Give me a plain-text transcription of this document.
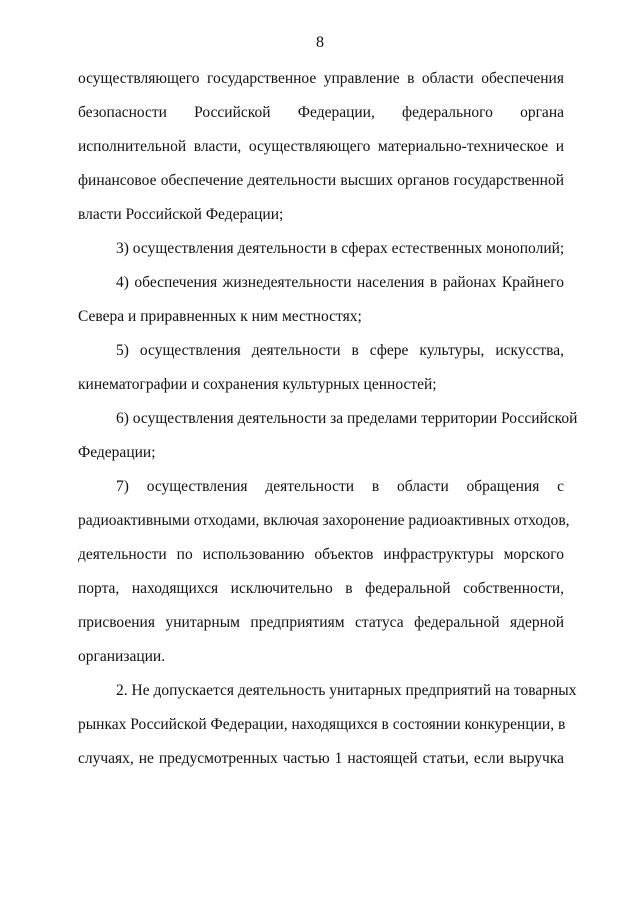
8
осуществляющего государственное управление в области обеспечения
безопасности Российской Федерации, федерального органа
исполнительной власти, осуществляющего материально-техническое и
финансовое обеспечение деятельности высших органов государственной
власти Российской Федерации;
3) осуществления деятельности в сферах естественных монополий;
4) обеспечения жизнедеятельности населения в районах Крайнего
Севера и приравненных к ним местностях;
5) осуществления деятельности в сфере культуры, искусства,
кинематографии и сохранения культурных ценностей;
6) осуществления деятельности за пределами территории Российской
Федерации;
7) осуществления деятельности в области обращения с
радиоактивными отходами, включая захоронение радиоактивных отходов,
деятельности по использованию объектов инфраструктуры морского
порта, находящихся исключительно в федеральной собственности,
присвоения унитарным предприятиям статуса федеральной ядерной
организации.
2. Не допускается деятельность унитарных предприятий на товарных
рынках Российской Федерации, находящихся в состоянии конкуренции, в
случаях, не предусмотренных частью 1 настоящей статьи, если выручка
